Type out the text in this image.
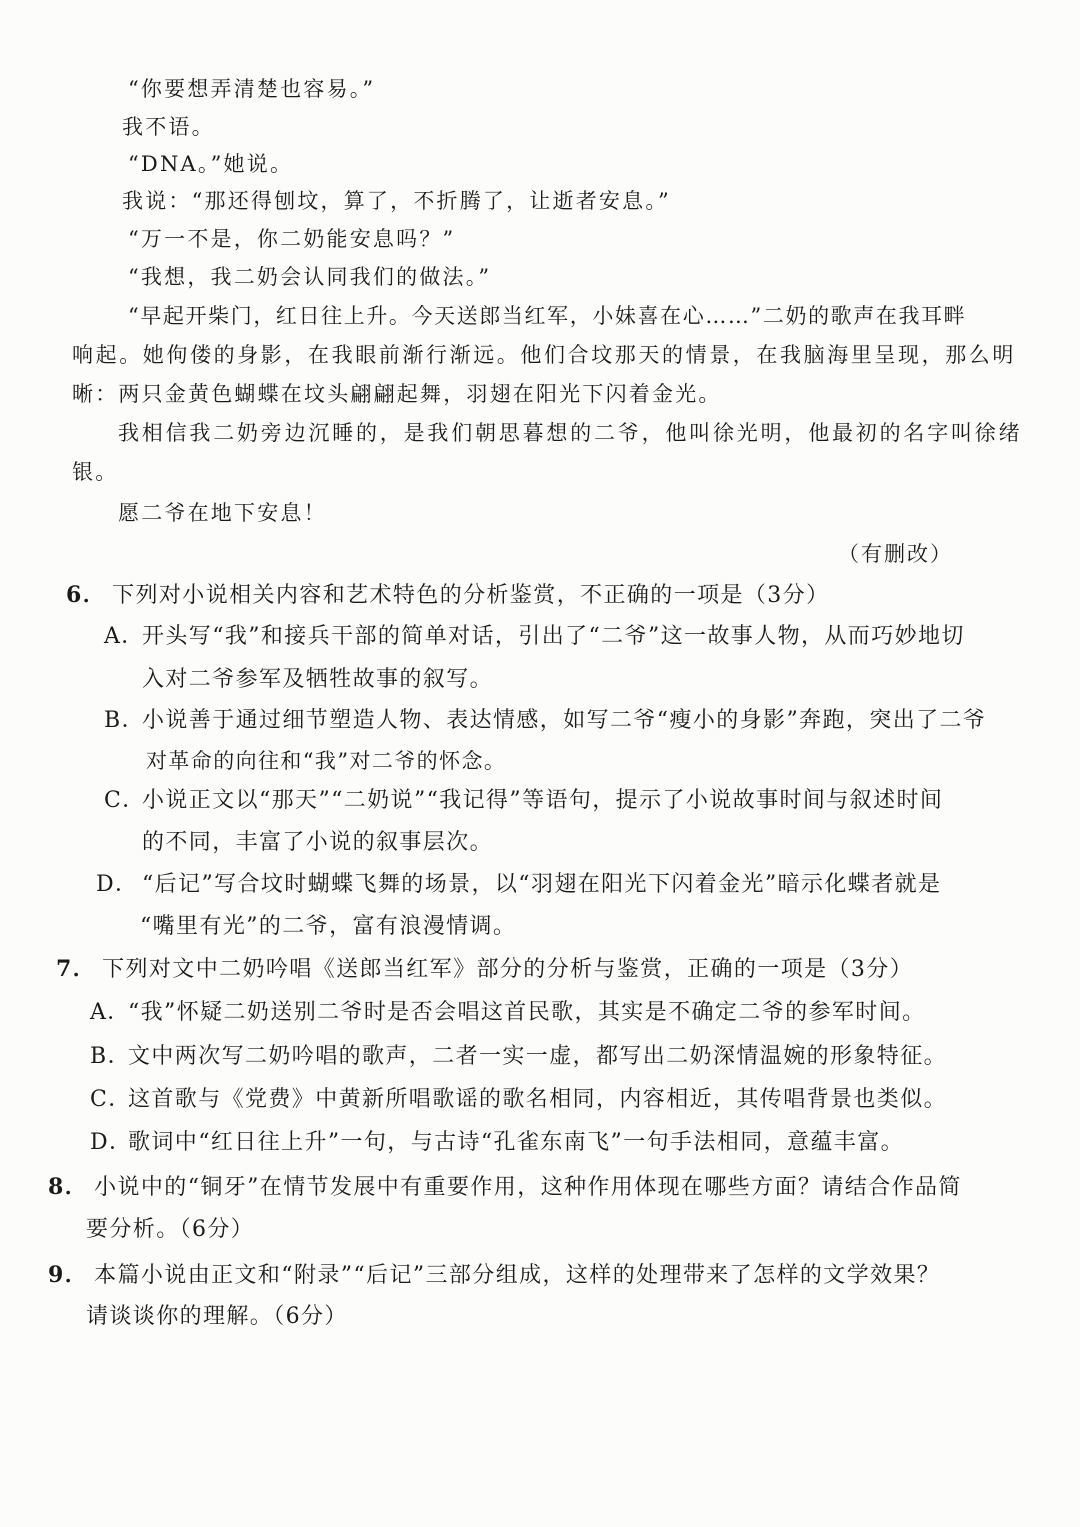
“你要想弄清楚也容易。”
我不语。
“DNA。”她说。
我说：“那还得刨坟，算了，不折腾了，让逝者安息。”
“万一不是，你二奶能安息吗？”
“我想，我二奶会认同我们的做法。”
“早起开柴门，红日往上升。今天送郎当红军，小妹喜在心……”二奶的歌声在我耳畔
响起。她佝偻的身影，在我眼前渐行渐远。他们合坟那天的情景，在我脑海里呈现，那么明
晰：两只金黄色蝴蝶在坟头翩翩起舞，羽翅在阳光下闪着金光。
我相信我二奶旁边沉睡的，是我们朝思暮想的二爷，他叫徐光明，他最初的名字叫徐绪
银。
愿二爷在地下安息！
（有删改）
6． 下列对小说相关内容和艺术特色的分析鉴赏，不正确的一项是（3分）
A．开头写“我”和接兵干部的简单对话，引出了“二爷”这一故事人物，从而巧妙地切
入对二爷参军及牺牲故事的叙写。
B．小说善于通过细节塑造人物、表达情感，如写二爷“瘦小的身影”奔跑，突出了二爷
对革命的向往和“我”对二爷的怀念。
C．小说正文以“那天”“二奶说”“我记得”等语句，提示了小说故事时间与叙述时间
的不同，丰富了小说的叙事层次。
D． “后记”写合坟时蝴蝶飞舞的场景，以“羽翅在阳光下闪着金光”暗示化蝶者就是
“嘴里有光”的二爷，富有浪漫情调。
7． 下列对文中二奶吟唱《送郎当红军》部分的分析与鉴赏，正确的一项是（3分）
A．“我”怀疑二奶送别二爷时是否会唱这首民歌，其实是不确定二爷的参军时间。
B．文中两次写二奶吟唱的歌声，二者一实一虚，都写出二奶深情温婉的形象特征。
C．这首歌与《党费》中黄新所唱歌谣的歌名相同，内容相近，其传唱背景也类似。
D．歌词中“红日往上升”一句，与古诗“孔雀东南飞”一句手法相同，意蕴丰富。
8． 小说中的“铜牙”在情节发展中有重要作用，这种作用体现在哪些方面？请结合作品简
要分析。（6分）
9． 本篇小说由正文和“附录”“后记”三部分组成，这样的处理带来了怎样的文学效果？
请谈谈你的理解。（6分）
